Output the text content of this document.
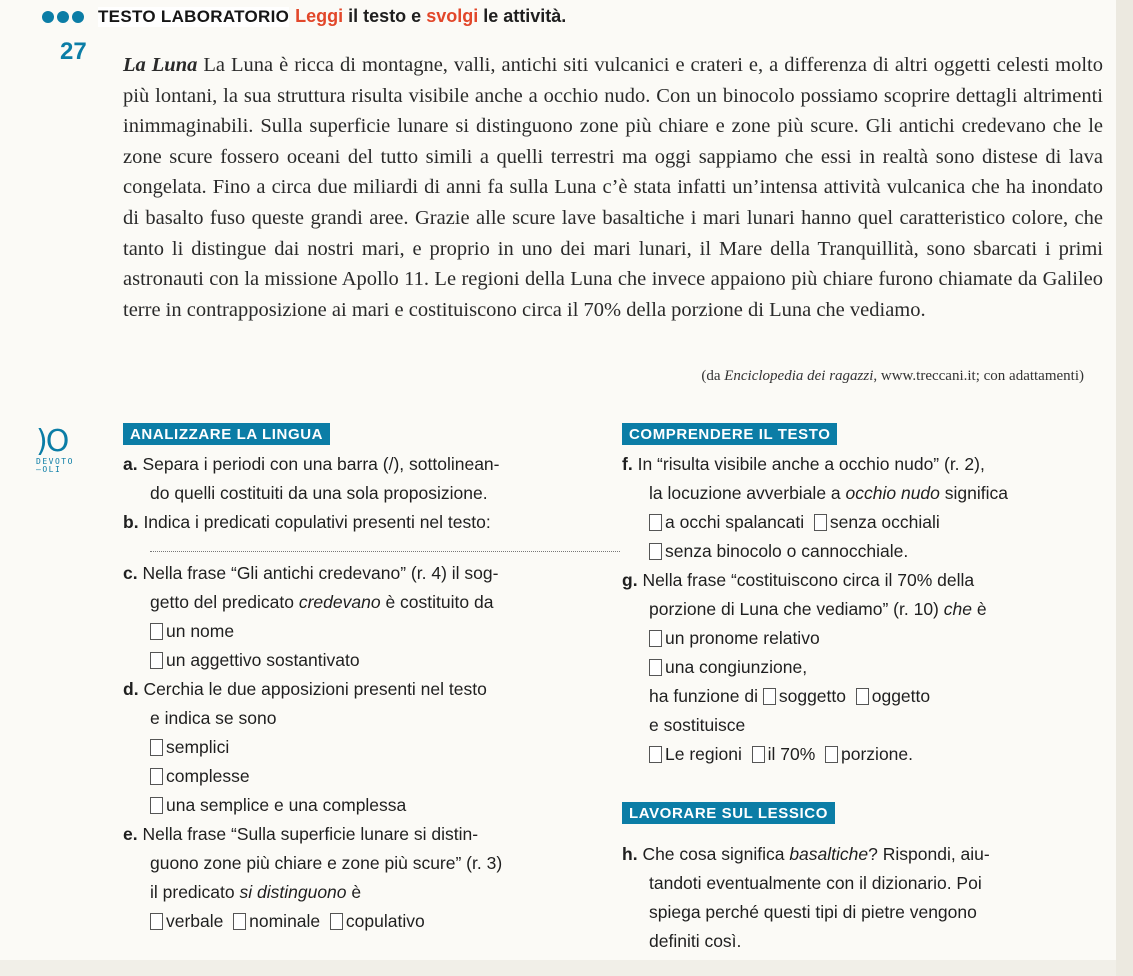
TESTO LABORATORIO Leggi il testo e svolgi le attività.
27 La Luna La Luna è ricca di montagne, valli, antichi siti vulcanici e crateri e, a differenza di altri oggetti celesti molto più lontani, la sua struttura risulta visibile anche a occhio nudo. Con un binocolo possiamo scoprire dettagli altrimenti inimmaginabili. Sulla superficie lunare si distinguono zone più chiare e zone più scure. Gli antichi credevano che le zone scure fossero oceani del tutto simili a quelli terrestri ma oggi sappiamo che essi in realtà sono distese di lava congelata. Fino a circa due miliardi di anni fa sulla Luna c’è stata infatti un’intensa attività vulcanica che ha inondato di basalto fuso queste grandi aree. Grazie alle scure lave basaltiche i mari lunari hanno quel caratteristico colore, che tanto li distingue dai nostri mari, e proprio in uno dei mari lunari, il Mare della Tranquillità, sono sbarcati i primi astronauti con la missione Apollo 11. Le regioni della Luna che invece appaiono più chiare furono chiamate da Galileo terre in contrapposizione ai mari e costituiscono circa il 70% della porzione di Luna che vediamo.
(da Enciclopedia dei ragazzi, www.treccani.it; con adattamenti)
)O
DEVOTO
–OLI
ANALIZZARE LA LINGUA	COMPRENDERE IL TESTO
LAVORARE SUL LESSICO
a. Separa i periodi con una barra (/), sottolinean-
do quelli costituiti da una sola proposizione.
b. Indica i predicati copulativi presenti nel testo:
c. Nella frase “Gli antichi credevano” (r. 4) il sog-
getto del predicato credevano è costituito da
un nome
un aggettivo sostantivato
d. Cerchia le due apposizioni presenti nel testo
e indica se sono
semplici
complesse
una semplice e una complessa
e. Nella frase “Sulla superficie lunare si distin-
guono zone più chiare e zone più scure” (r. 3)
il predicato si distinguono è
verbale nominale copulativo
f. In “risulta visibile anche a occhio nudo” (r. 2),
la locuzione avverbiale a occhio nudo significa
a occhi spalancati senza occhiali
senza binocolo o cannocchiale.
g. Nella frase “costituiscono circa il 70% della
porzione di Luna che vediamo” (r. 10) che è
un pronome relativo
una congiunzione,
ha funzione di soggetto oggetto
e sostituisce
Le regioni il 70% porzione.
h. Che cosa significa basaltiche? Rispondi, aiu-
tandoti eventualmente con il dizionario. Poi
spiega perché questi tipi di pietre vengono
definiti così.
